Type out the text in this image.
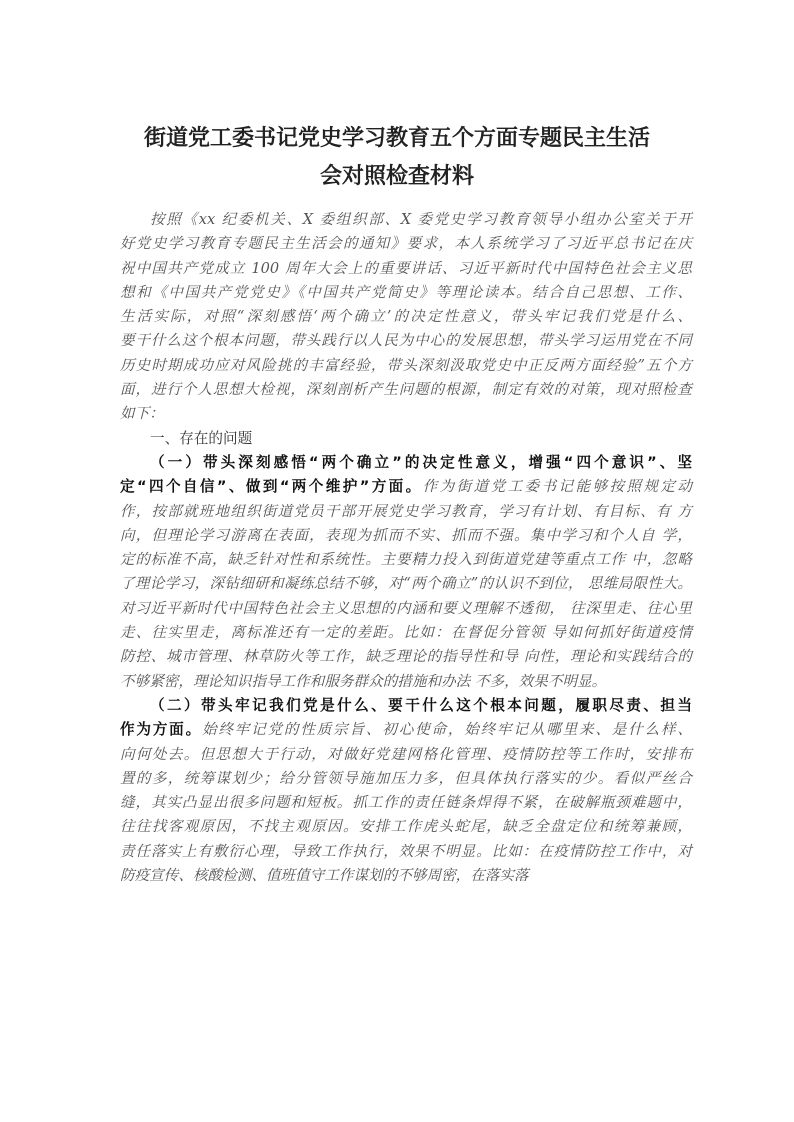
街道党工委书记党史学习教育五个方面专题民主生活
会对照检查材料
按照《xx 纪委机关、X 委组织部、X 委党史学习教育领导小组办公室关于开
好党史学习教育专题民主生活会的通知》要求，本人系统学习了习近平总书记在庆
祝中国共产党成立 100 周年大会上的重要讲话、习近平新时代中国特色社会主义思
想和《中国共产党党史》《中国共产党简史》等理论读本。结合自己思想、工作、
生活实际，对照“深刻感悟‘两个确立’的决定性意义，带头牢记我们党是什么、
要干什么这个根本问题，带头践行以人民为中心的发展思想，带头学习运用党在不同
历史时期成功应对风险挑的丰富经验，带头深刻汲取党史中正反两方面经验”五个方
面，进行个人思想大检视，深刻剖析产生问题的根源，制定有效的对策，现对照检查
如下：
一、存在的问题
（一）带头深刻感悟“两个确立”的决定性意义，增强“四个意识”、坚
定“四个自信”、做到“两个维护”方面。作为街道党工委书记能够按照规定动
作，按部就班地组织街道党员干部开展党史学习教育，学习有计划、有目标、有 方
向，但理论学习游离在表面，表现为抓而不实、抓而不强。集中学习和个人自 学，
定的标准不高，缺乏针对性和系统性。主要精力投入到街道党建等重点工作 中，忽略
了理论学习，深钻细研和凝练总结不够，对“两个确立”的认识不到位， 思维局限性大。
对习近平新时代中国特色社会主义思想的内涵和要义理解不透彻， 往深里走、往心里
走、往实里走，离标准还有一定的差距。比如：在督促分管领 导如何抓好街道疫情
防控、城市管理、林草防火等工作，缺乏理论的指导性和导 向性，理论和实践结合的
不够紧密，理论知识指导工作和服务群众的措施和办法 不多，效果不明显。
（二）带头牢记我们党是什么、要干什么这个根本问题，履职尽责、担当
作为方面。始终牢记党的性质宗旨、初心使命，始终牢记从哪里来、是什么样、
向何处去。但思想大于行动，对做好党建网格化管理、疫情防控等工作时，安排布
置的多，统筹谋划少；给分管领导施加压力多，但具体执行落实的少。看似严丝合
缝，其实凸显出很多问题和短板。抓工作的责任链条焊得不紧，在破解瓶颈难题中，
往往找客观原因，不找主观原因。安排工作虎头蛇尾，缺乏全盘定位和统筹兼顾，
责任落实上有敷衍心理，导致工作执行，效果不明显。比如：在疫情防控工作中，对
防疫宣传、核酸检测、值班值守工作谋划的不够周密，在落实落
